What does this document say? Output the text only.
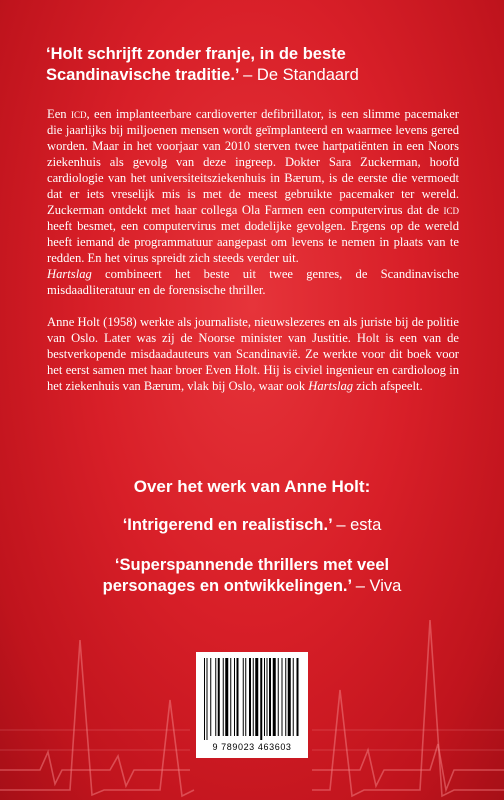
‘Holt schrijft zonder franje, in de beste
Scandinavische traditie.’ – De Standaard

Een icd, een implanteerbare cardioverter defibrillator, is een slimme pacemaker die jaarlijks bij miljoenen mensen wordt geïmplanteerd en waarmee levens gered worden. Maar in het voorjaar van 2010 sterven twee hartpatiënten in een Noors ziekenhuis als gevolg van deze ingreep. Dokter Sara Zuckerman, hoofd cardiologie van het universiteitsziekenhuis in Bærum, is de eerste die vermoedt dat er iets vreselijk mis is met de meest gebruikte pacemaker ter wereld. Zuckerman ontdekt met haar collega Ola Farmen een computervirus dat de icd heeft besmet, een computervirus met dodelijke gevolgen. Ergens op de wereld heeft iemand de programmatuur aangepast om levens te nemen in plaats van te redden. En het virus spreidt zich steeds verder uit.
Hartslag combineert het beste uit twee genres, de Scandinavische misdaadliteratuur en de forensische thriller.

Anne Holt (1958) werkte als journaliste, nieuwslezeres en als juriste bij de politie van Oslo. Later was zij de Noorse minister van Justitie. Holt is een van de bestverkopende misdaadauteurs van Scandinavië. Ze werkte voor dit boek voor het eerst samen met haar broer Even Holt. Hij is civiel ingenieur en cardioloog in het ziekenhuis van Bærum, vlak bij Oslo, waar ook Hartslag zich afspeelt.

Over het werk van Anne Holt:
‘Intrigerend en realistisch.’ – esta
‘Superspannende thrillers met veel
personages en ontwikkelingen.’ – Viva
9 789023 463603
